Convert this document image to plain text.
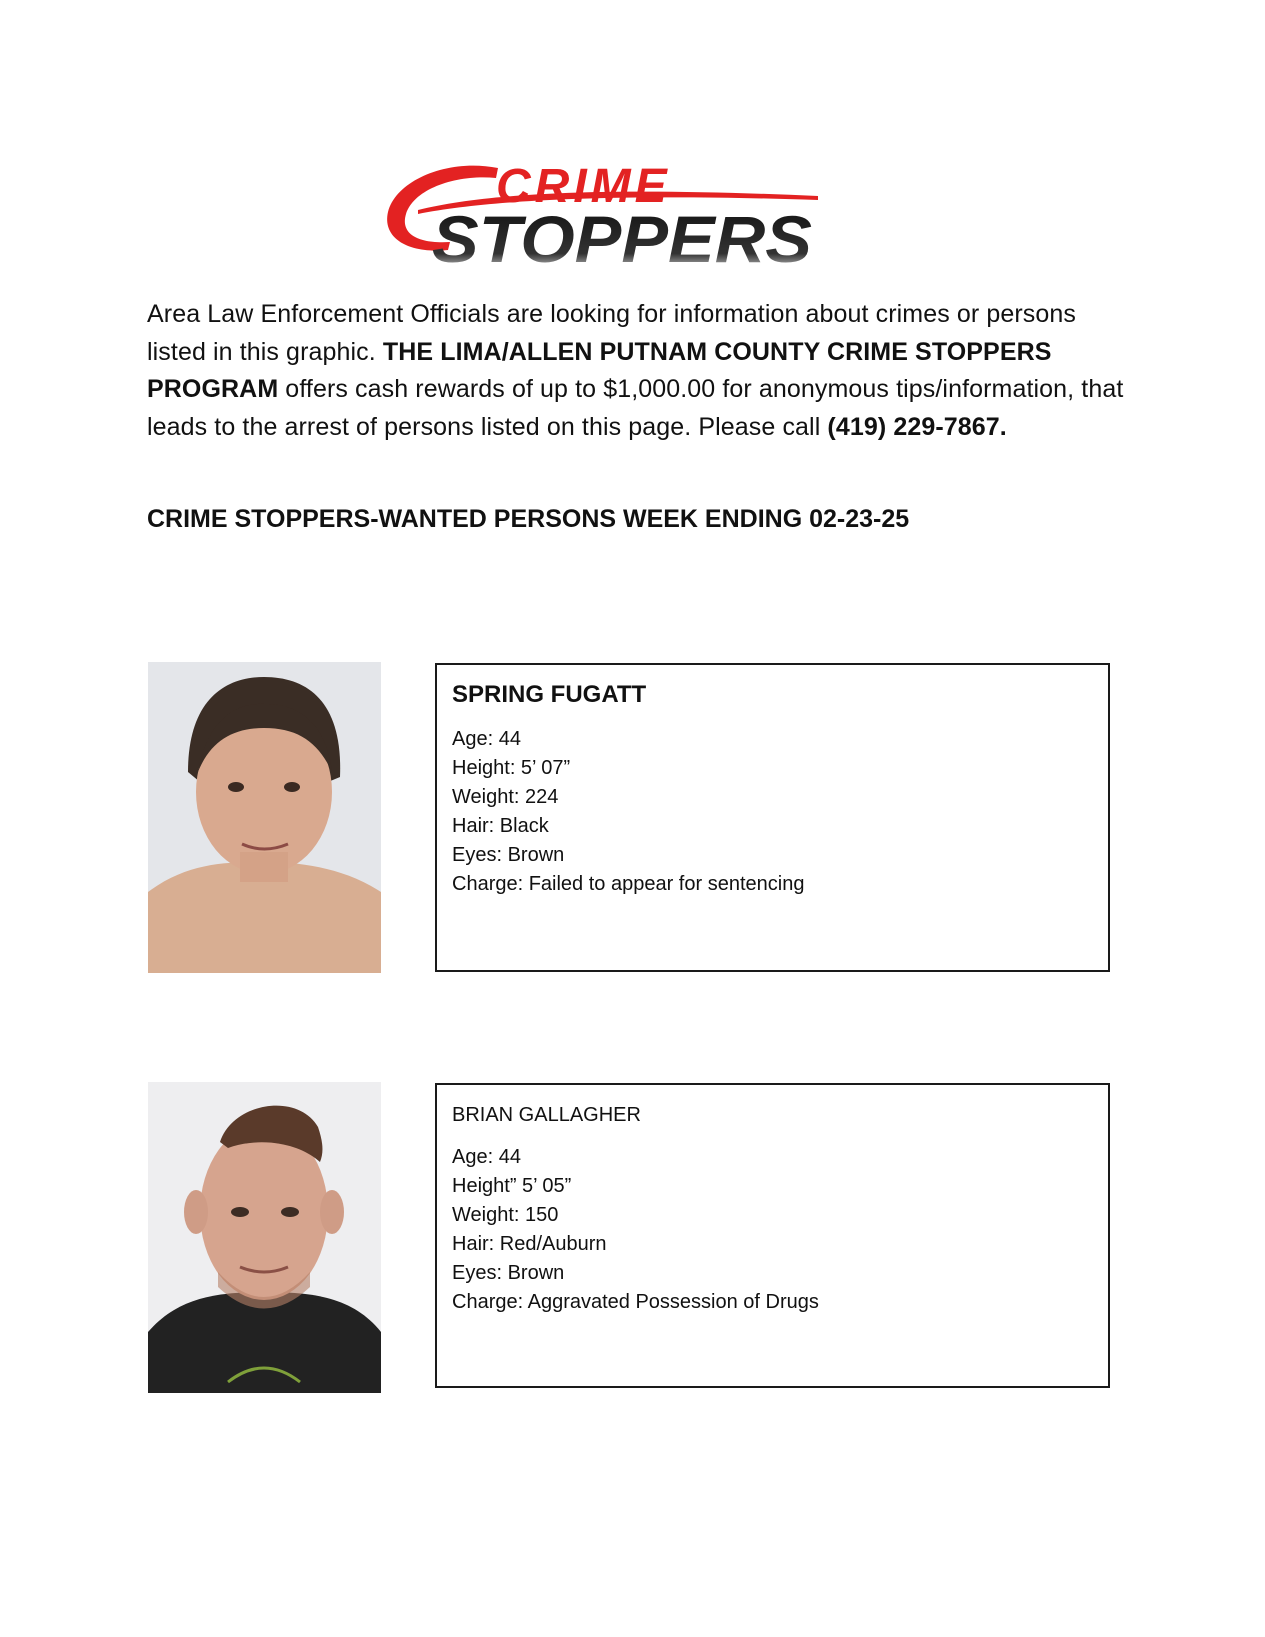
CRIME
STOPPERS

Area Law Enforcement Officials are looking for information about crimes or persons listed in this graphic. THE LIMA/ALLEN PUTNAM COUNTY CRIME STOPPERS PROGRAM offers cash rewards of up to $1,000.00 for anonymous tips/information, that leads to the arrest of persons listed on this page. Please call (419) 229-7867.

CRIME STOPPERS-WANTED PERSONS WEEK ENDING 02-23-25
SPRING FUGATT

Age: 44

Height: 5’ 07”

Weight: 224

Hair: Black

Eyes: Brown

Charge: Failed to appear for sentencing

BRIAN GALLAGHER

Age: 44

Height” 5’ 05”

Weight: 150

Hair: Red/Auburn

Eyes: Brown

Charge: Aggravated Possession of Drugs
